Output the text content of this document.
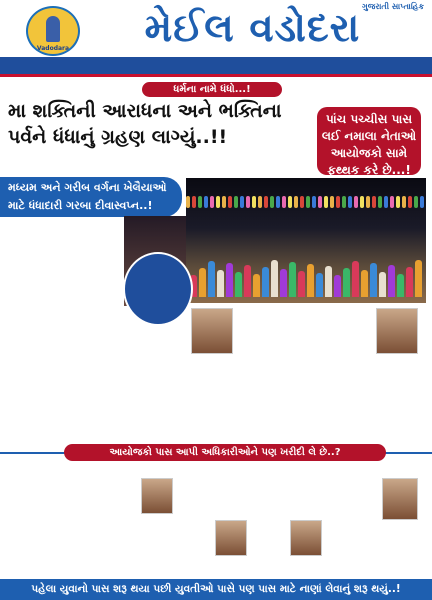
Vadodara	મેઈલ વડોદરા ગુજરાતી સાપ્તાહિક
ધર્મના નામે ધંધો...!
મા શક્તિની આરાધના અને ભક્તિના પર્વને ધંધાનું ગ્રહણ લાગ્યું..!!
પાંચ પચ્ચીસ પાસ લઈ નમાલા નેતાઓ આયોજકો સામે ફથ્થક કરે છે...!
મધ્યમ અને ગરીબ વર્ગના ખેલૈયાઓ માટે ધંધાદારી ગરબા દીવાસ્વપ્ન..!
આયોજકો પાસ આપી અધિકારીઓને પણ ખરીદી લે છે..?
પહેલા યુવાનો પાસ શરૂ થયા પછી યુવતીઓ પાસે પણ પાસ માટે નાણાં લેવાનું શરૂ થયું..!
